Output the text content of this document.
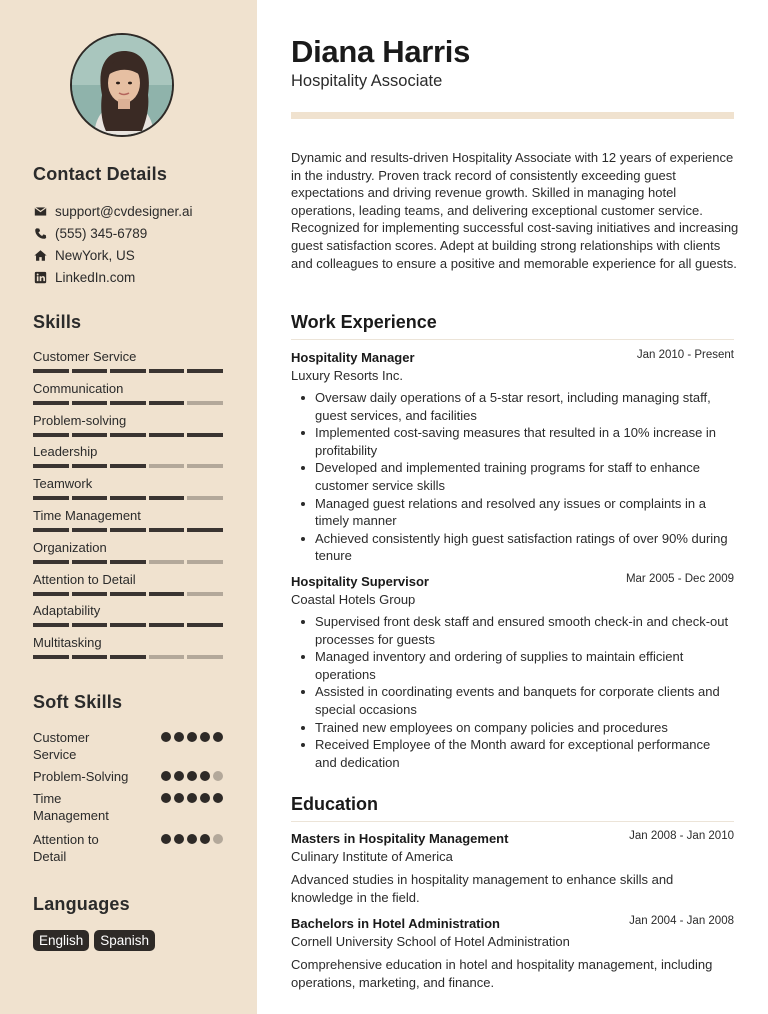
Contact Details
support@cvdesigner.ai
(555) 345-6789
NewYork, US
LinkedIn.com
Skills
Customer Service
Communication
Problem-solving
Leadership
Teamwork
Time Management
Organization
Attention to Detail
Adaptability
Multitasking
Soft Skills
Customer Service
Problem-Solving
Time Management
Attention to Detail
Languages
English	Spanish
Diana Harris
Hospitality Associate
Dynamic and results-driven Hospitality Associate with 12 years of experience in the industry. Proven track record of consistently exceeding guest expectations and driving revenue growth. Skilled in managing hotel operations, leading teams, and delivering exceptional customer service. Recognized for implementing successful cost-saving initiatives and increasing guest satisfaction scores. Adept at building strong relationships with clients and colleagues to ensure a positive and memorable experience for all guests.
Work Experience
Hospitality Manager	Jan 2010 - Present
Luxury Resorts Inc.
Oversaw daily operations of a 5-star resort, including managing staff, guest services, and facilities
Implemented cost-saving measures that resulted in a 10% increase in profitability
Developed and implemented training programs for staff to enhance customer service skills
Managed guest relations and resolved any issues or complaints in a timely manner
Achieved consistently high guest satisfaction ratings of over 90% during tenure
Hospitality Supervisor	Mar 2005 - Dec 2009
Coastal Hotels Group
Supervised front desk staff and ensured smooth check-in and check-out processes for guests
Managed inventory and ordering of supplies to maintain efficient operations
Assisted in coordinating events and banquets for corporate clients and special occasions
Trained new employees on company policies and procedures
Received Employee of the Month award for exceptional performance and dedication
Education
Masters in Hospitality Management	Jan 2008 - Jan 2010
Culinary Institute of America
Advanced studies in hospitality management to enhance skills and knowledge in the field.
Bachelors in Hotel Administration	Jan 2004 - Jan 2008
Cornell University School of Hotel Administration
Comprehensive education in hotel and hospitality management, including operations, marketing, and finance.
